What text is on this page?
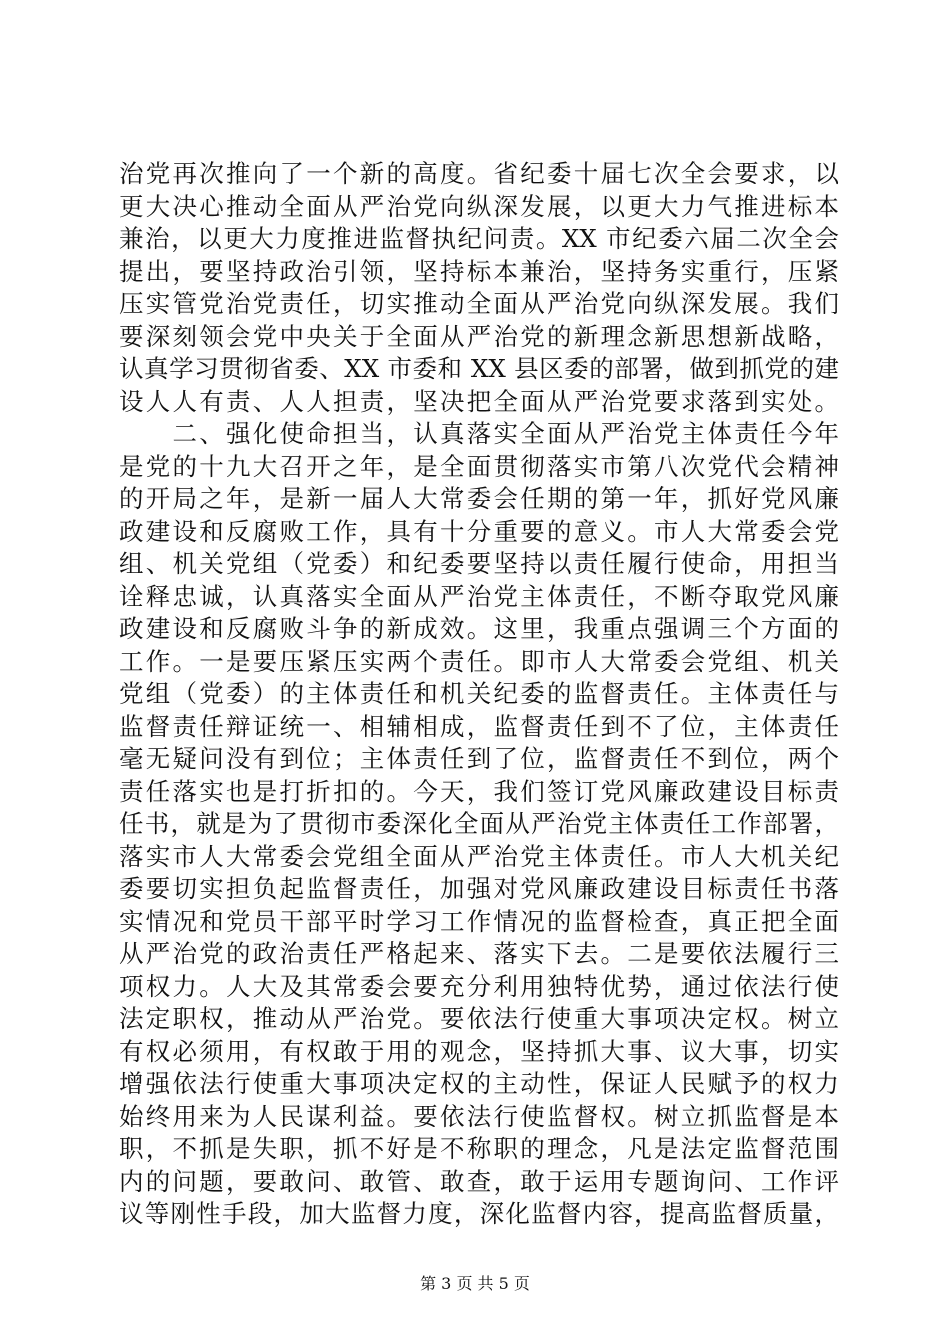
治党再次推向了一个新的高度。省纪委十届七次全会要求，以
更大决心推动全面从严治党向纵深发展，以更大力气推进标本
兼治，以更大力度推进监督执纪问责。XX 市纪委六届二次全会
提出，要坚持政治引领，坚持标本兼治，坚持务实重行，压紧
压实管党治党责任，切实推动全面从严治党向纵深发展。我们
要深刻领会党中央关于全面从严治党的新理念新思想新战略，
认真学习贯彻省委、XX 市委和 XX 县区委的部署，做到抓党的建
设人人有责、人人担责，坚决把全面从严治党要求落到实处。
　　二、强化使命担当，认真落实全面从严治党主体责任今年
是党的十九大召开之年，是全面贯彻落实市第八次党代会精神
的开局之年，是新一届人大常委会任期的第一年，抓好党风廉
政建设和反腐败工作，具有十分重要的意义。市人大常委会党
组、机关党组（党委）和纪委要坚持以责任履行使命，用担当
诠释忠诚，认真落实全面从严治党主体责任，不断夺取党风廉
政建设和反腐败斗争的新成效。这里，我重点强调三个方面的
工作。一是要压紧压实两个责任。即市人大常委会党组、机关
党组（党委）的主体责任和机关纪委的监督责任。主体责任与
监督责任辩证统一、相辅相成，监督责任到不了位，主体责任
毫无疑问没有到位；主体责任到了位，监督责任不到位，两个
责任落实也是打折扣的。今天，我们签订党风廉政建设目标责
任书，就是为了贯彻市委深化全面从严治党主体责任工作部署，
落实市人大常委会党组全面从严治党主体责任。市人大机关纪
委要切实担负起监督责任，加强对党风廉政建设目标责任书落
实情况和党员干部平时学习工作情况的监督检查，真正把全面
从严治党的政治责任严格起来、落实下去。二是要依法履行三
项权力。人大及其常委会要充分利用独特优势，通过依法行使
法定职权，推动从严治党。要依法行使重大事项决定权。树立
有权必须用，有权敢于用的观念，坚持抓大事、议大事，切实
增强依法行使重大事项决定权的主动性，保证人民赋予的权力
始终用来为人民谋利益。要依法行使监督权。树立抓监督是本
职，不抓是失职，抓不好是不称职的理念，凡是法定监督范围
内的问题，要敢问、敢管、敢查，敢于运用专题询问、工作评
议等刚性手段，加大监督力度，深化监督内容，提高监督质量，
第 3 页 共 5 页
